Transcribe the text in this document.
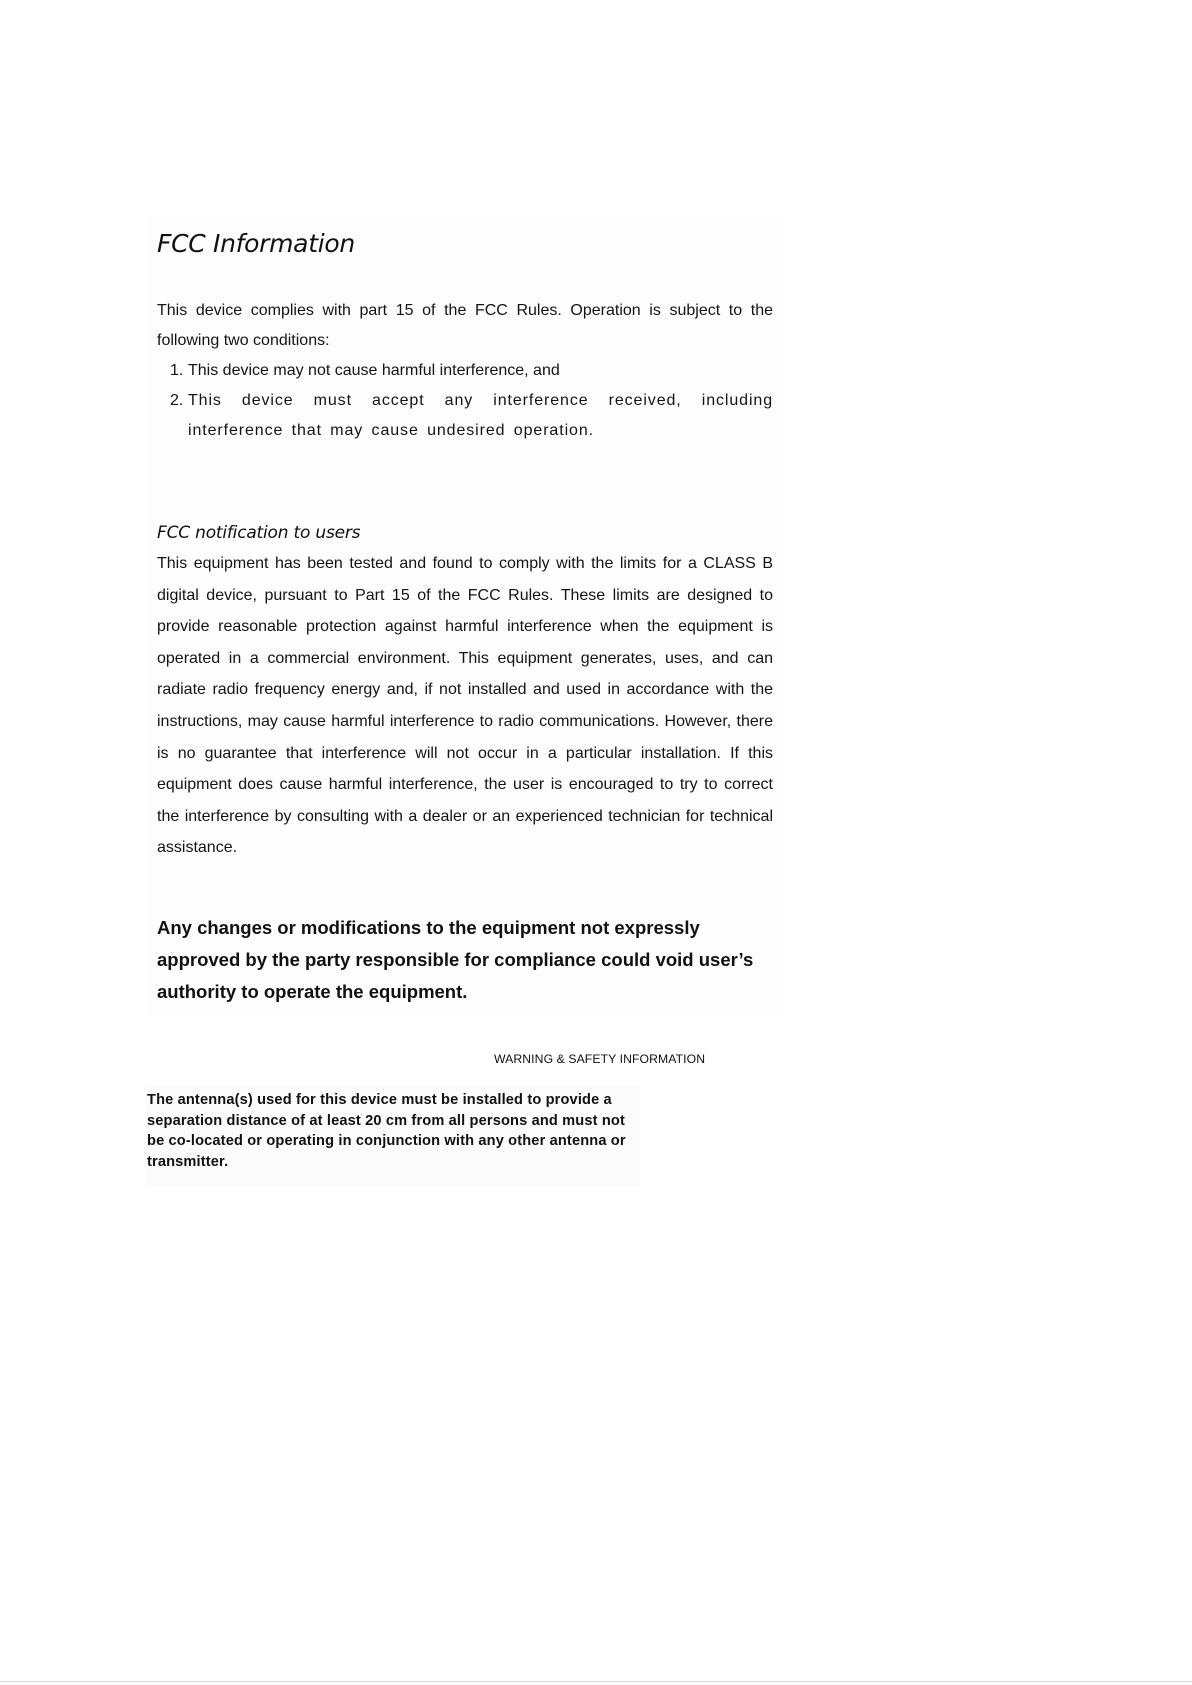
FCC Information

This device complies with part 15 of the FCC Rules. Operation is subject to the following two conditions:

1. This device may not cause harmful interference, and
2. This device must accept any interference received, including interference that may cause undesired operation.
FCC notification to users

This equipment has been tested and found to comply with the limits for a CLASS B digital device, pursuant to Part 15 of the FCC Rules. These limits are designed to provide reasonable protection against harmful interference when the equipment is operated in a commercial environment. This equipment generates, uses, and can radiate radio frequency energy and, if not installed and used in accordance with the instructions, may cause harmful interference to radio communications. However, there is no guarantee that interference will not occur in a particular installation. If this equipment does cause harmful interference, the user is encouraged to try to correct the interference by consulting with a dealer or an experienced technician for technical assistance.

Any changes or modifications to the equipment not expressly approved by the party responsible for compliance could void user’s authority to operate the equipment.

WARNING & SAFETY INFORMATION

The antenna(s) used for this device must be installed to provide a separation distance of at least 20 cm from all persons and must not be co-located or operating in conjunction with any other antenna or transmitter.
